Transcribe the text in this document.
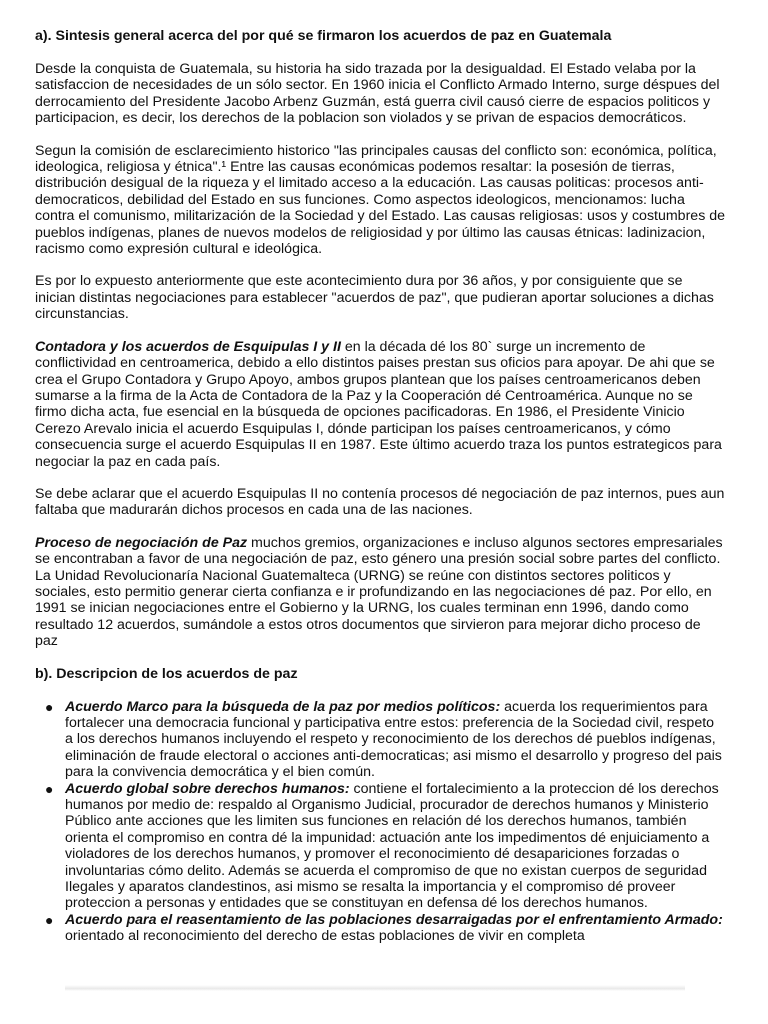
a). Sintesis general acerca del por qué se firmaron los acuerdos de paz en Guatemala

Desde la conquista de Guatemala, su historia ha sido trazada por la desigualdad. El Estado velaba por la satisfaccion de necesidades de un sólo sector. En 1960 inicia el Conflicto Armado Interno, surge déspues del derrocamiento del Presidente Jacobo Arbenz Guzmán, está guerra civil causó cierre de espacios politicos y participacion, es decir, los derechos de la poblacion son violados y se privan de espacios democráticos.

Segun la comisión de esclarecimiento historico "las principales causas del conflicto son: económica, política, ideologica, religiosa y étnica".¹ Entre las causas económicas podemos resaltar: la posesión de tierras, distribución desigual de la riqueza y el limitado acceso a la educación. Las causas politicas: procesos anti-democraticos, debilidad del Estado en sus funciones. Como aspectos ideologicos, mencionamos: lucha contra el comunismo, militarización de la Sociedad y del Estado. Las causas religiosas: usos y costumbres de pueblos indígenas, planes de nuevos modelos de religiosidad y por último las causas étnicas: ladinizacion, racismo como expresión cultural e ideológica.

Es por lo expuesto anteriormente que este acontecimiento dura por 36 años, y por consiguiente que se inician distintas negociaciones para establecer "acuerdos de paz", que pudieran aportar soluciones a dichas circunstancias.

Contadora y los acuerdos de Esquipulas I y II en la década dé los 80` surge un incremento de conflictividad en centroamerica, debido a ello distintos paises prestan sus oficios para apoyar. De ahi que se crea el Grupo Contadora y Grupo Apoyo, ambos grupos plantean que los países centroamericanos deben sumarse a la firma de la Acta de Contadora de la Paz y la Cooperación dé Centroamérica. Aunque no se firmo dicha acta, fue esencial en la búsqueda de opciones pacificadoras. En 1986, el Presidente Vinicio Cerezo Arevalo inicia el acuerdo Esquipulas I, dónde participan los países centroamericanos, y cómo consecuencia surge el acuerdo Esquipulas II en 1987. Este último acuerdo traza los puntos estrategicos para negociar la paz en cada país.

Se debe aclarar que el acuerdo Esquipulas II no contenía procesos dé negociación de paz internos, pues aun faltaba que madurarán dichos procesos en cada una de las naciones.

Proceso de negociación de Paz muchos gremios, organizaciones e incluso algunos sectores empresariales se encontraban a favor de una negociación de paz, esto género una presión social sobre partes del conflicto. La Unidad Revolucionaría Nacional Guatemalteca (URNG) se reúne con distintos sectores politicos y sociales, esto permitio generar cierta confianza e ir profundizando en las negociaciones dé paz. Por ello, en 1991 se inician negociaciones entre el Gobierno y la URNG, los cuales terminan enn 1996, dando como resultado 12 acuerdos, sumándole a estos otros documentos que sirvieron para mejorar dicho proceso de paz

b). Descripcion de los acuerdos de paz
● Acuerdo Marco para la búsqueda de la paz por medios políticos: acuerda los requerimientos para fortalecer una democracia funcional y participativa entre estos: preferencia de la Sociedad civil, respeto a los derechos humanos incluyendo el respeto y reconocimiento de los derechos dé pueblos indígenas, eliminación de fraude electoral o acciones anti-democraticas; asi mismo el desarrollo y progreso del pais para la convivencia democrática y el bien común.
● Acuerdo global sobre derechos humanos: contiene el fortalecimiento a la proteccion dé los derechos humanos por medio de: respaldo al Organismo Judicial, procurador de derechos humanos y Ministerio Público ante acciones que les limiten sus funciones en relación dé los derechos humanos, también orienta el compromiso en contra dé la impunidad: actuación ante los impedimentos dé enjuiciamento a violadores de los derechos humanos, y promover el reconocimiento dé desapariciones forzadas o involuntarias cómo delito. Además se acuerda el compromiso de que no existan cuerpos de seguridad Ilegales y aparatos clandestinos, asi mismo se resalta la importancia y el compromiso dé proveer proteccion a personas y entidades que se constituyan en defensa dé los derechos humanos.
● Acuerdo para el reasentamiento de las poblaciones desarraigadas por el enfrentamiento Armado: orientado al reconocimiento del derecho de estas poblaciones de vivir en completa
